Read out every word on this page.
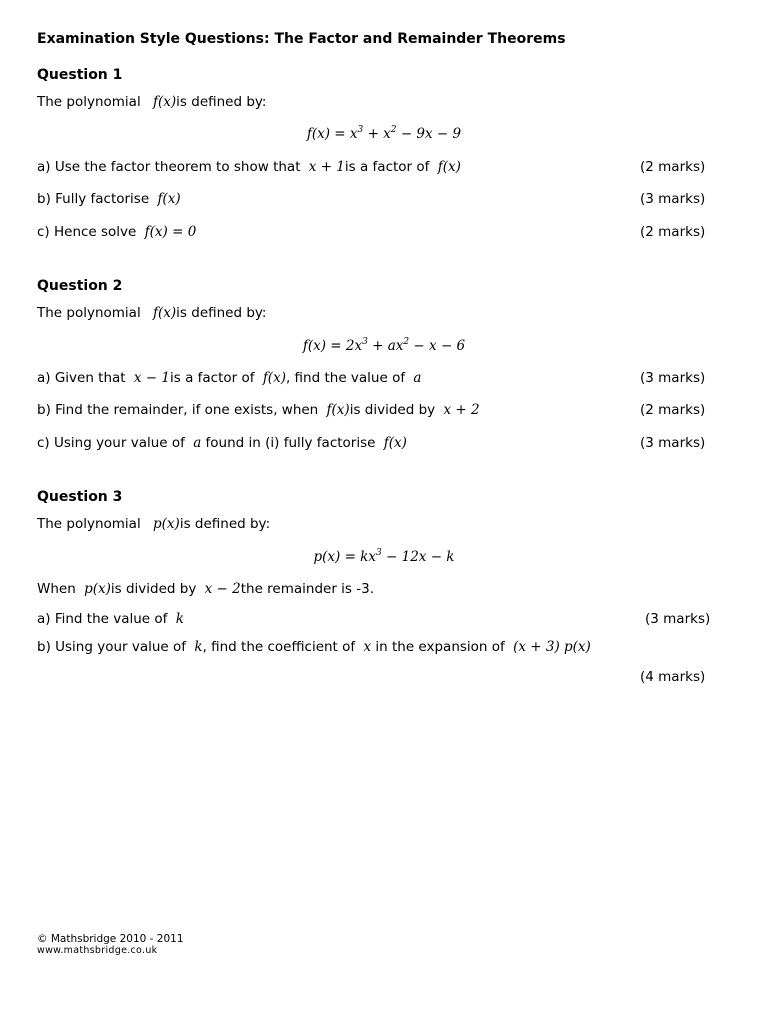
Examination Style Questions: The Factor and Remainder Theorems
Question 1
The polynomial f(x)is defined by:
$f(x) = x^3 + x^2 - 9x - 9$
a) Use the factor theorem to show that x + 1is a factor of f(x)	(2 marks)
b) Fully factorise f(x)	(3 marks)
c) Hence solve f(x) = 0	(2 marks)
Question 2
The polynomial f(x)is defined by:
$f(x) = 2x^3 + ax^2 - x - 6$
a) Given that x − 1is a factor of f(x), find the value of a	(3 marks)
b) Find the remainder, if one exists, when f(x)is divided by x + 2	(2 marks)
c) Using your value of a found in (i) fully factorise f(x)	(3 marks)
Question 3
The polynomial p(x)is defined by:
$p(x) = kx^3 - 12x - k$
When p(x)is divided by x − 2the remainder is -3.
a) Find the value of k	(3 marks)
b) Using your value of k, find the coefficient of x in the expansion of (x + 3) p(x)
(4 marks)
© Mathsbridge 2010 - 2011
www.mathsbridge.co.uk
